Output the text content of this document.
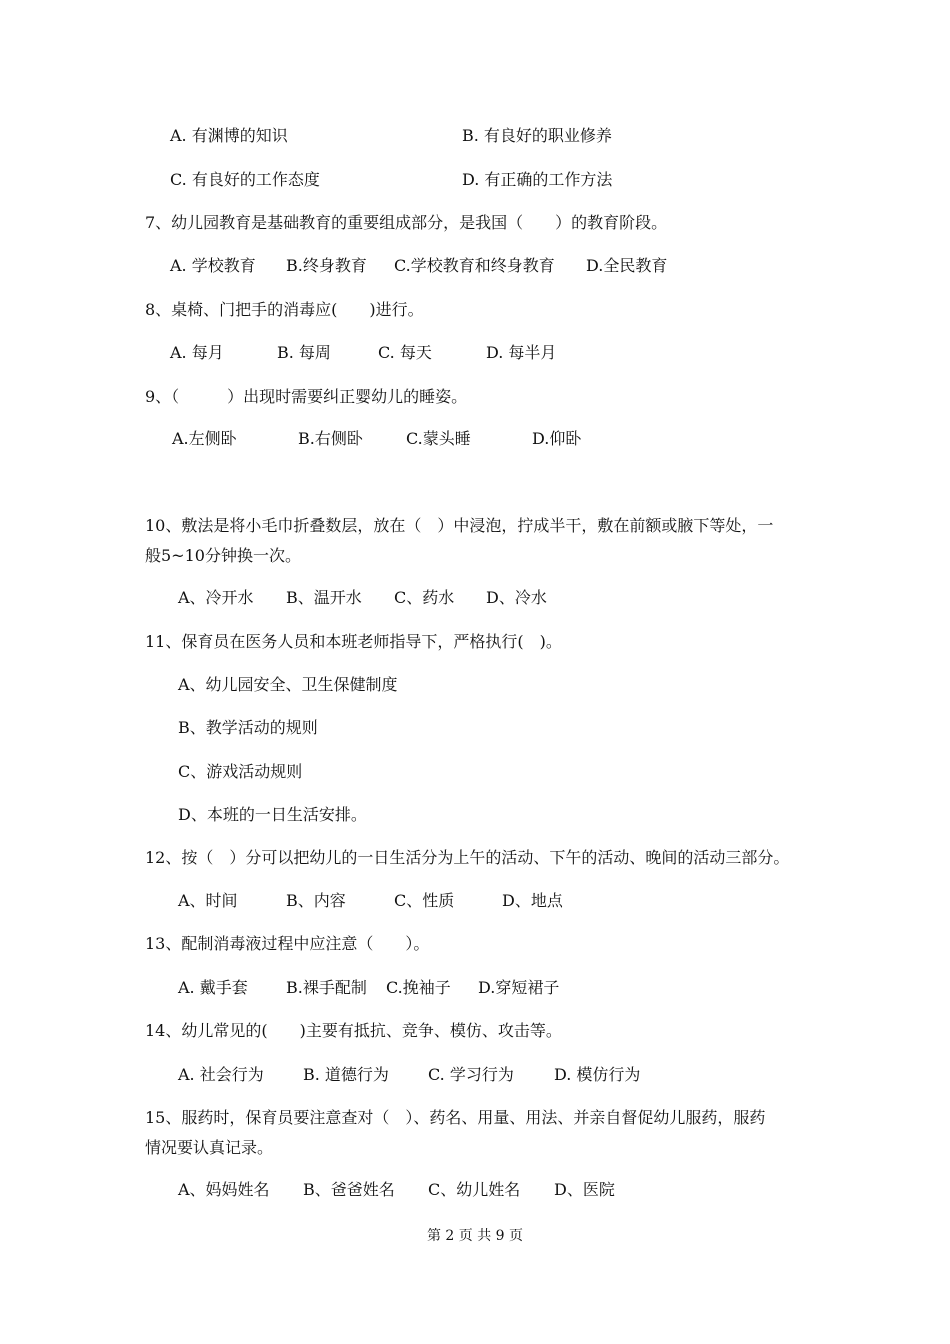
A. 有渊博的知识	B. 有良好的职业修养
C. 有良好的工作态度	D. 有正确的工作方法
7、幼儿园教育是基础教育的重要组成部分，是我国（　　）的教育阶段。
A. 学校教育 B.终身教育 C.学校教育和终身教育 D.全民教育
8、桌椅、门把手的消毒应(　　)进行。
A. 每月	B. 每周	C. 每天	D. 每半月
9、（　　　）出现时需要纠正婴幼儿的睡姿。
A.左侧卧	B.右侧卧	C.蒙头睡	D.仰卧
10、敷法是将小毛巾折叠数层，放在（　）中浸泡，拧成半干，敷在前额或腋下等处，一
般5~10分钟换一次。
A、冷开水 B、温开水 C、药水 D、冷水
11、保育员在医务人员和本班老师指导下，严格执行(　)。
A、幼儿园安全、卫生保健制度
B、教学活动的规则
C、游戏活动规则
D、本班的一日生活安排。
12、按（　）分可以把幼儿的一日生活分为上午的活动、下午的活动、晚间的活动三部分。
A、时间	B、内容	C、性质	D、地点
13、配制消毒液过程中应注意（　　）。
A. 戴手套 B.裸手配制 C.挽袖子 D.穿短裙子
14、幼儿常见的(　　)主要有抵抗、竞争、模仿、攻击等。
A. 社会行为 B. 道德行为 C. 学习行为	D. 模仿行为
15、服药时，保育员要注意查对（　）、药名、用量、用法、并亲自督促幼儿服药，服药
情况要认真记录。
A、妈妈姓名 B、爸爸姓名 C、幼儿姓名 D、医院
第 2 页 共 9 页
